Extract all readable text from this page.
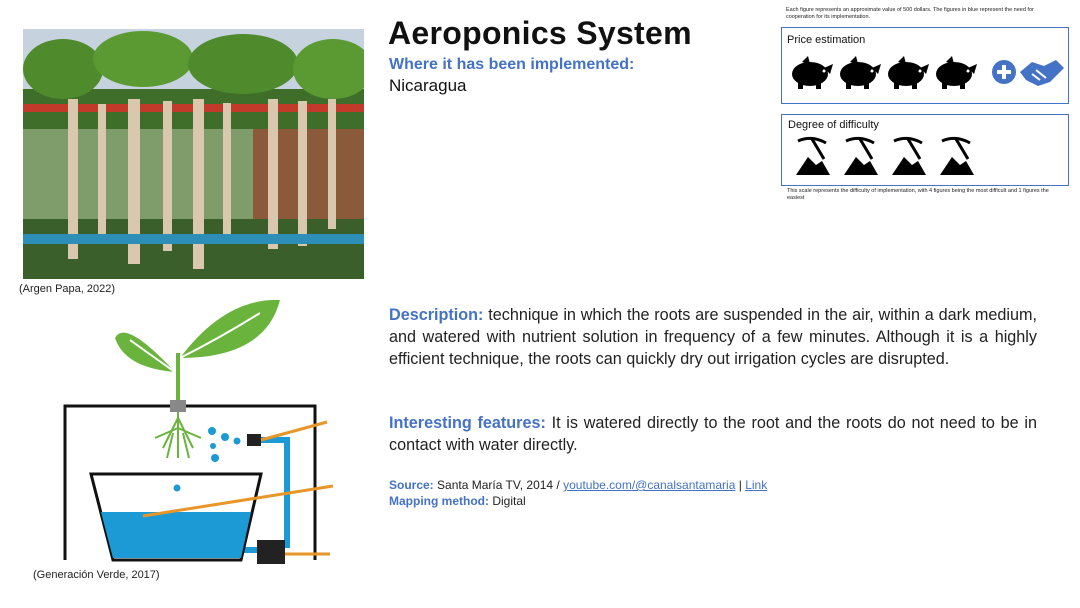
(Argen Papa, 2022)
Aeroponics System
Where it has been implemented:
Nicaragua
Each figure represents an approximate value of 500 dollars. The figures in blue represent the need for cooperation for its implementation.
Price estimation
Degree of difficulty
This scale represents the difficulty of implementation, with 4 figures being the most difficult and 1 figures the easiest
(Generación Verde, 2017)
Description: technique in which the roots are suspended in the air, within a dark medium, and watered with nutrient solution in frequency of a few minutes. Although it is a highly efficient technique, the roots can quickly dry out irrigation cycles are disrupted.
Interesting features: It is watered directly to the root and the roots do not need to be in contact with water directly.
Source: Santa María TV, 2014 / youtube.com/@canalsantamaria | Link
Mapping method: Digital
